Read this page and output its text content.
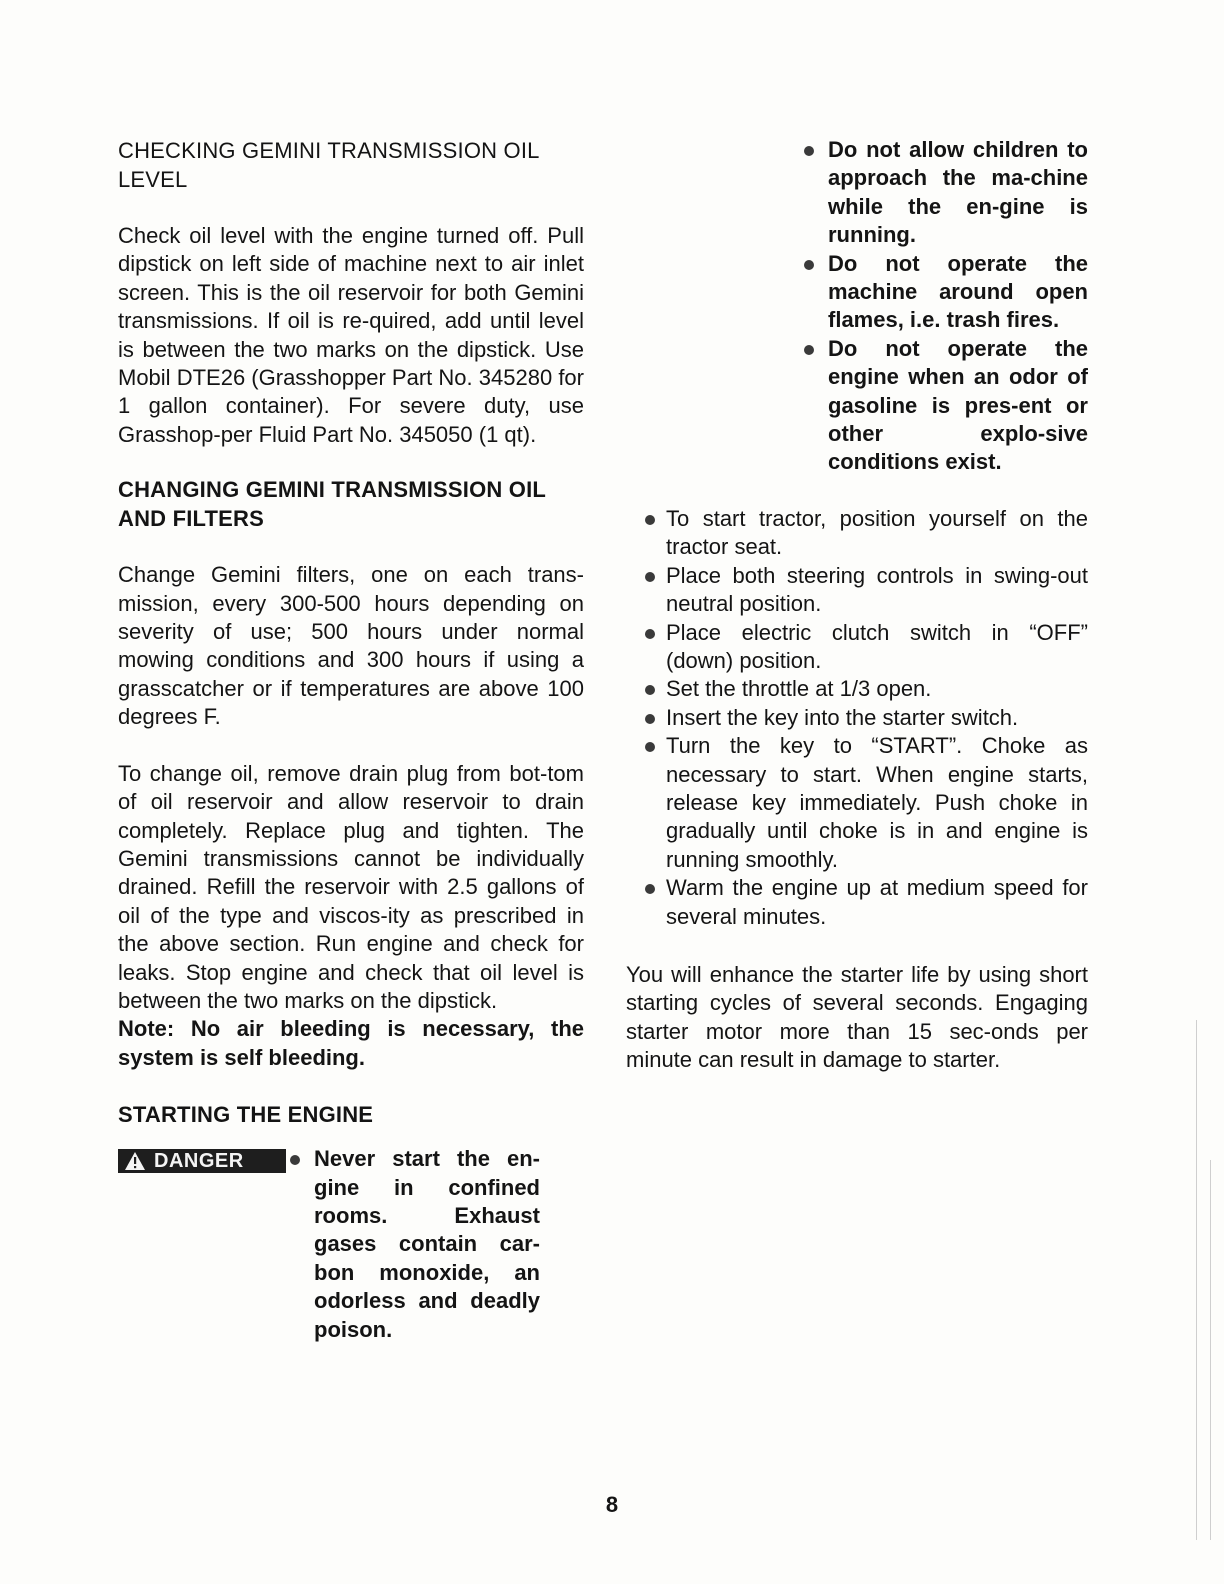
CHECKING GEMINI TRANSMISSION OIL LEVEL

Check oil level with the engine turned off. Pull dipstick on left side of machine next to air inlet screen. This is the oil reservoir for both Gemini transmissions. If oil is re-quired, add until level is between the two marks on the dipstick. Use Mobil DTE26 (Grasshopper Part No. 345280 for 1 gallon container). For severe duty, use Grasshop-per Fluid Part No. 345050 (1 qt).

CHANGING GEMINI TRANSMISSION OIL AND FILTERS

Change Gemini filters, one on each trans-mission, every 300-500 hours depending on severity of use; 500 hours under normal mowing conditions and 300 hours if using a grasscatcher or if temperatures are above 100 degrees F.

To change oil, remove drain plug from bot-tom of oil reservoir and allow reservoir to drain completely. Replace plug and tighten. The Gemini transmissions cannot be individually drained. Refill the reservoir with 2.5 gallons of oil of the type and viscos-ity as prescribed in the above section. Run engine and check for leaks. Stop engine and check that oil level is between the two marks on the dipstick.

Note: No air bleeding is necessary, the system is self bleeding.

STARTING THE ENGINE
DANGER	Never start the en-gine in confined rooms. Exhaust gases contain car-bon monoxide, an odorless and deadly poison.
Do not allow children to approach the ma-chine while the en-gine is running.
Do not operate the machine around open flames, i.e. trash fires.
Do not operate the engine when an odor of gasoline is pres-ent or other explo-sive conditions exist.
To start tractor, position yourself on the tractor seat.
Place both steering controls in swing-out neutral position.
Place electric clutch switch in “OFF” (down) position.
Set the throttle at 1/3 open.
Insert the key into the starter switch.
Turn the key to “START”. Choke as necessary to start. When engine starts, release key immediately. Push choke in gradually until choke is in and engine is running smoothly.
Warm the engine up at medium speed for several minutes.

You will enhance the starter life by using short starting cycles of several seconds. Engaging starter motor more than 15 sec-onds per minute can result in damage to starter.

8
